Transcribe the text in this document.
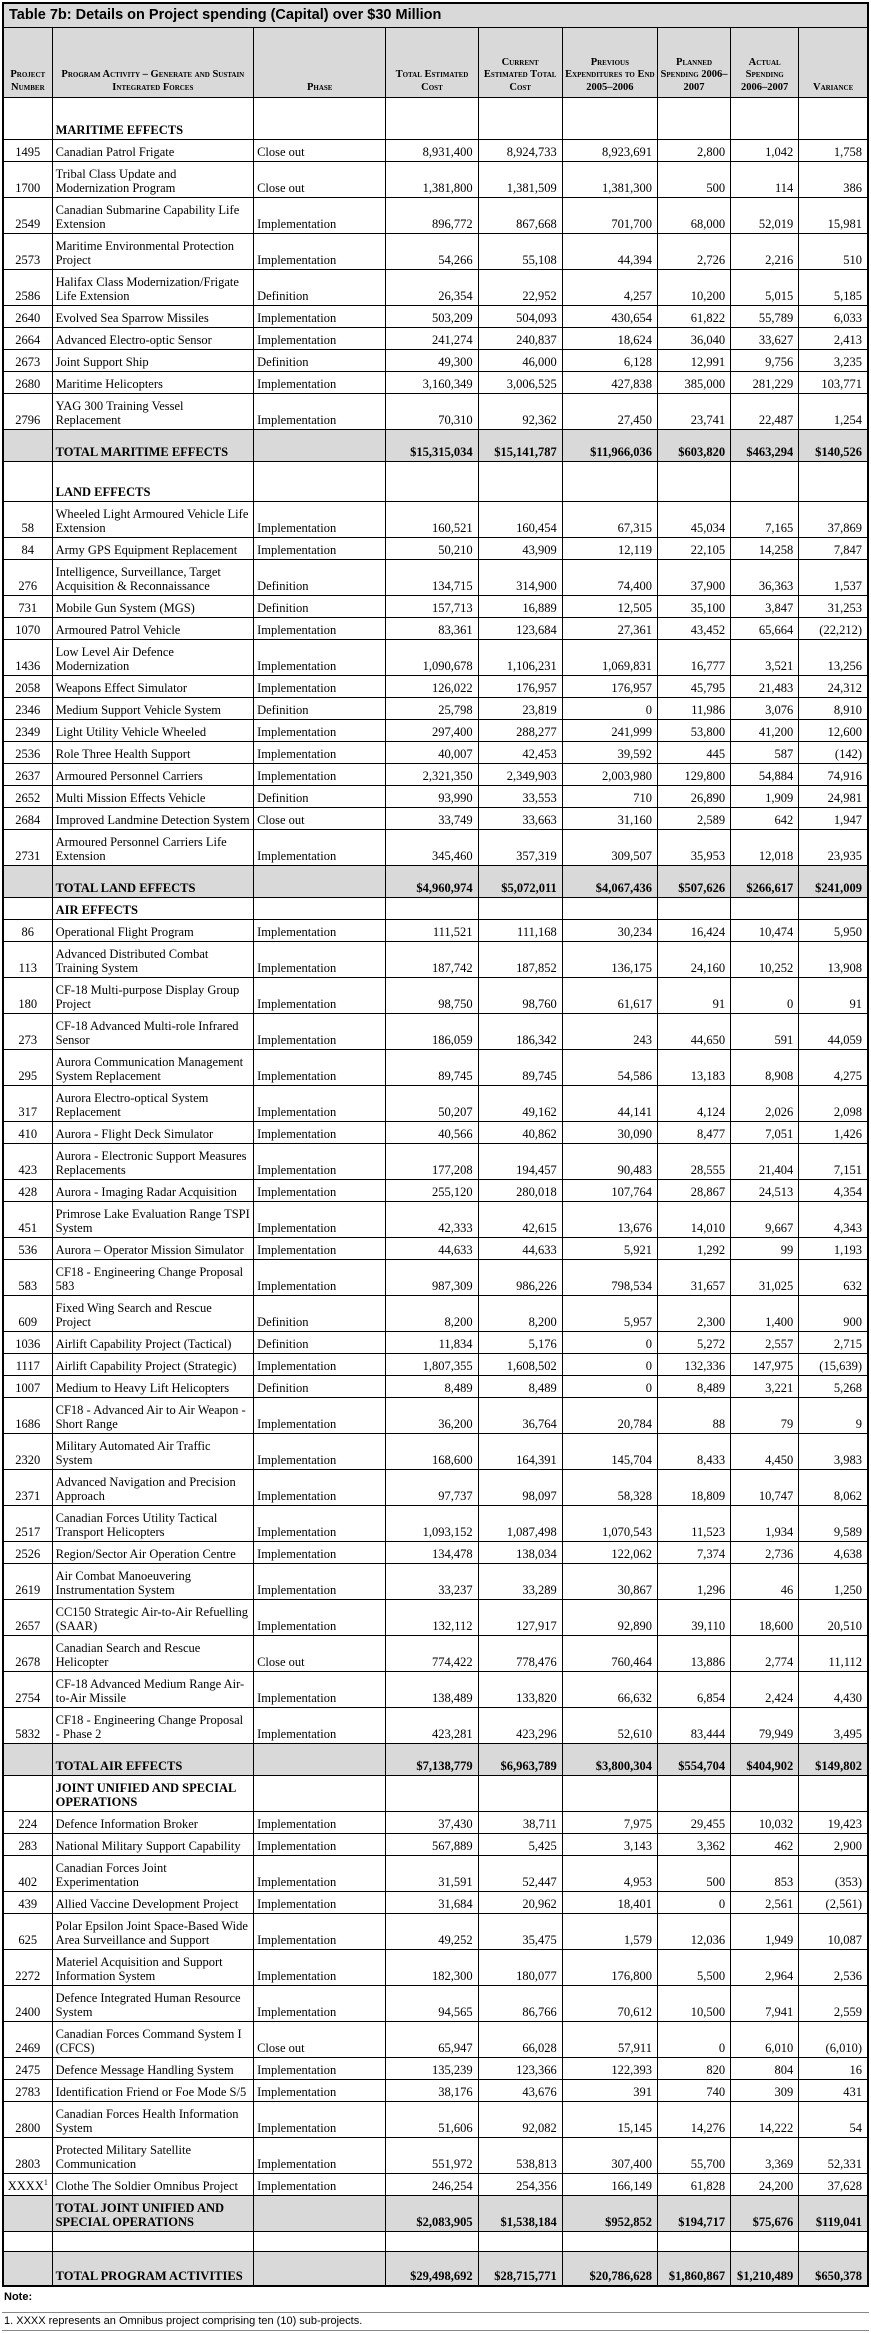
Table 7b: Details on Project spending (Capital) over $30 Million								
Project Number	Program Activity – Generate and Sustain Integrated Forces	Phase	Total Estimated Cost	Current Estimated Total Cost	Previous Expenditures to End 2005–2006	Planned Spending 2006–2007	Actual Spending 2006–2007	Variance
	MARITIME EFFECTS							
1495	Canadian Patrol Frigate	Close out	8,931,400	8,924,733	8,923,691	2,800	1,042	1,758
1700	Tribal Class Update and Modernization Program	Close out	1,381,800	1,381,509	1,381,300	500	114	386
2549	Canadian Submarine Capability Life Extension	Implementation	896,772	867,668	701,700	68,000	52,019	15,981
2573	Maritime Environmental Protection Project	Implementation	54,266	55,108	44,394	2,726	2,216	510
2586	Halifax Class Modernization/Frigate Life Extension	Definition	26,354	22,952	4,257	10,200	5,015	5,185
2640	Evolved Sea Sparrow Missiles	Implementation	503,209	504,093	430,654	61,822	55,789	6,033
2664	Advanced Electro-optic Sensor	Implementation	241,274	240,837	18,624	36,040	33,627	2,413
2673	Joint Support Ship	Definition	49,300	46,000	6,128	12,991	9,756	3,235
2680	Maritime Helicopters	Implementation	3,160,349	3,006,525	427,838	385,000	281,229	103,771
2796	YAG 300 Training Vessel Replacement	Implementation	70,310	92,362	27,450	23,741	22,487	1,254
	TOTAL MARITIME EFFECTS		$15,315,034	$15,141,787	$11,966,036	$603,820	$463,294	$140,526
	LAND EFFECTS							
58	Wheeled Light Armoured Vehicle Life Extension	Implementation	160,521	160,454	67,315	45,034	7,165	37,869
84	Army GPS Equipment Replacement	Implementation	50,210	43,909	12,119	22,105	14,258	7,847
276	Intelligence, Surveillance, Target Acquisition & Reconnaissance	Definition	134,715	314,900	74,400	37,900	36,363	1,537
731	Mobile Gun System (MGS)	Definition	157,713	16,889	12,505	35,100	3,847	31,253
1070	Armoured Patrol Vehicle	Implementation	83,361	123,684	27,361	43,452	65,664	(22,212)
1436	Low Level Air Defence Modernization	Implementation	1,090,678	1,106,231	1,069,831	16,777	3,521	13,256
2058	Weapons Effect Simulator	Implementation	126,022	176,957	176,957	45,795	21,483	24,312
2346	Medium Support Vehicle System	Definition	25,798	23,819	0	11,986	3,076	8,910
2349	Light Utility Vehicle Wheeled	Implementation	297,400	288,277	241,999	53,800	41,200	12,600
2536	Role Three Health Support	Implementation	40,007	42,453	39,592	445	587	(142)
2637	Armoured Personnel Carriers	Implementation	2,321,350	2,349,903	2,003,980	129,800	54,884	74,916
2652	Multi Mission Effects Vehicle	Definition	93,990	33,553	710	26,890	1,909	24,981
2684	Improved Landmine Detection System	Close out	33,749	33,663	31,160	2,589	642	1,947
2731	Armoured Personnel Carriers Life Extension	Implementation	345,460	357,319	309,507	35,953	12,018	23,935
	TOTAL LAND EFFECTS		$4,960,974	$5,072,011	$4,067,436	$507,626	$266,617	$241,009
	AIR EFFECTS							
86	Operational Flight Program	Implementation	111,521	111,168	30,234	16,424	10,474	5,950
113	Advanced Distributed Combat Training System	Implementation	187,742	187,852	136,175	24,160	10,252	13,908
180	CF-18 Multi-purpose Display Group Project	Implementation	98,750	98,760	61,617	91	0	91
273	CF-18 Advanced Multi-role Infrared Sensor	Implementation	186,059	186,342	243	44,650	591	44,059
295	Aurora Communication Management System Replacement	Implementation	89,745	89,745	54,586	13,183	8,908	4,275
317	Aurora Electro-optical System Replacement	Implementation	50,207	49,162	44,141	4,124	2,026	2,098
410	Aurora - Flight Deck Simulator	Implementation	40,566	40,862	30,090	8,477	7,051	1,426
423	Aurora - Electronic Support Measures Replacements	Implementation	177,208	194,457	90,483	28,555	21,404	7,151
428	Aurora - Imaging Radar Acquisition	Implementation	255,120	280,018	107,764	28,867	24,513	4,354
451	Primrose Lake Evaluation Range TSPI System	Implementation	42,333	42,615	13,676	14,010	9,667	4,343
536	Aurora – Operator Mission Simulator	Implementation	44,633	44,633	5,921	1,292	99	1,193
583	CF18 - Engineering Change Proposal 583	Implementation	987,309	986,226	798,534	31,657	31,025	632
609	Fixed Wing Search and Rescue Project	Definition	8,200	8,200	5,957	2,300	1,400	900
1036	Airlift Capability Project (Tactical)	Definition	11,834	5,176	0	5,272	2,557	2,715
1117	Airlift Capability Project (Strategic)	Implementation	1,807,355	1,608,502	0	132,336	147,975	(15,639)
1007	Medium to Heavy Lift Helicopters	Definition	8,489	8,489	0	8,489	3,221	5,268
1686	CF18 - Advanced Air to Air Weapon - Short Range	Implementation	36,200	36,764	20,784	88	79	9
2320	Military Automated Air Traffic System	Implementation	168,600	164,391	145,704	8,433	4,450	3,983
2371	Advanced Navigation and Precision Approach	Implementation	97,737	98,097	58,328	18,809	10,747	8,062
2517	Canadian Forces Utility Tactical Transport Helicopters	Implementation	1,093,152	1,087,498	1,070,543	11,523	1,934	9,589
2526	Region/Sector Air Operation Centre	Implementation	134,478	138,034	122,062	7,374	2,736	4,638
2619	Air Combat Manoeuvering Instrumentation System	Implementation	33,237	33,289	30,867	1,296	46	1,250
2657	CC150 Strategic Air-to-Air Refuelling (SAAR)	Implementation	132,112	127,917	92,890	39,110	18,600	20,510
2678	Canadian Search and Rescue Helicopter	Close out	774,422	778,476	760,464	13,886	2,774	11,112
2754	CF-18 Advanced Medium Range Air-to-Air Missile	Implementation	138,489	133,820	66,632	6,854	2,424	4,430
5832	CF18 - Engineering Change Proposal - Phase 2	Implementation	423,281	423,296	52,610	83,444	79,949	3,495
	TOTAL AIR EFFECTS		$7,138,779	$6,963,789	$3,800,304	$554,704	$404,902	$149,802
	JOINT UNIFIED AND SPECIAL OPERATIONS							
224	Defence Information Broker	Implementation	37,430	38,711	7,975	29,455	10,032	19,423
283	National Military Support Capability	Implementation	567,889	5,425	3,143	3,362	462	2,900
402	Canadian Forces Joint Experimentation	Implementation	31,591	52,447	4,953	500	853	(353)
439	Allied Vaccine Development Project	Implementation	31,684	20,962	18,401	0	2,561	(2,561)
625	Polar Epsilon Joint Space-Based Wide Area Surveillance and Support	Implementation	49,252	35,475	1,579	12,036	1,949	10,087
2272	Materiel Acquisition and Support Information System	Implementation	182,300	180,077	176,800	5,500	2,964	2,536
2400	Defence Integrated Human Resource System	Implementation	94,565	86,766	70,612	10,500	7,941	2,559
2469	Canadian Forces Command System I (CFCS)	Close out	65,947	66,028	57,911	0	6,010	(6,010)
2475	Defence Message Handling System	Implementation	135,239	123,366	122,393	820	804	16
2783	Identification Friend or Foe Mode S/5	Implementation	38,176	43,676	391	740	309	431
2800	Canadian Forces Health Information System	Implementation	51,606	92,082	15,145	14,276	14,222	54
2803	Protected Military Satellite Communication	Implementation	551,972	538,813	307,400	55,700	3,369	52,331
XXXX$^1$	Clothe The Soldier Omnibus Project	Implementation	246,254	254,356	166,149	61,828	24,200	37,628
	TOTAL JOINT UNIFIED AND SPECIAL OPERATIONS		$2,083,905	$1,538,184	$952,852	$194,717	$75,676	$119,041

	TOTAL PROGRAM ACTIVITIES		$29,498,692	$28,715,771	$20,786,628	$1,860,867	$1,210,489	$650,378
Note:
1. XXXX represents an Omnibus project comprising ten (10) sub-projects.
